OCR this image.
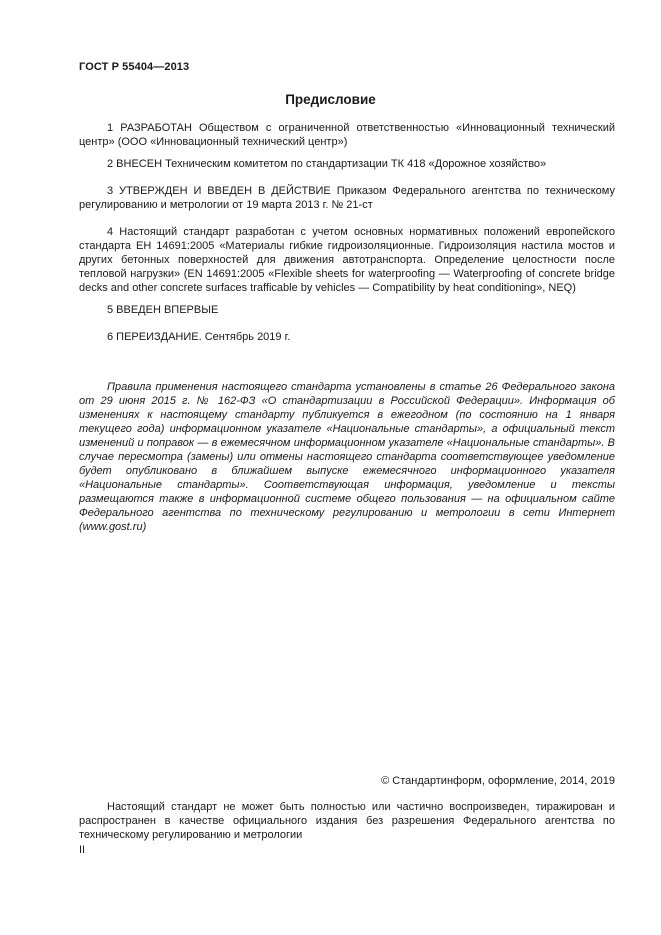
ГОСТ Р 55404—2013
Предисловие

1 РАЗРАБОТАН Обществом с ограниченной ответственностью «Инновационный технический центр» (ООО «Инновационный технический центр»)

2 ВНЕСЕН Техническим комитетом по стандартизации ТК 418 «Дорожное хозяйство»

3 УТВЕРЖДЕН И ВВЕДЕН В ДЕЙСТВИЕ Приказом Федерального агентства по техническому регулированию и метрологии от 19 марта 2013 г. № 21-ст

4 Настоящий стандарт разработан с учетом основных нормативных положений европейского стандарта ЕН 14691:2005 «Материалы гибкие гидроизоляционные. Гидроизоляция настила мостов и других бетонных поверхностей для движения автотранспорта. Определение целостности после тепловой нагрузки» (EN 14691:2005 «Flexible sheets for waterproofing — Waterproofing of concrete bridge decks and other concrete surfaces trafficable by vehicles — Compatibility by heat conditioning», NEQ)

5 ВВЕДЕН ВПЕРВЫЕ

6 ПЕРЕИЗДАНИЕ. Сентябрь 2019 г.

Правила применения настоящего стандарта установлены в статье 26 Федерального закона от 29 июня 2015 г. № 162-ФЗ «О стандартизации в Российской Федерации». Информация об изменениях к настоящему стандарту публикуется в ежегодном (по состоянию на 1 января текущего года) информационном указателе «Национальные стандарты», а официальный текст изменений и поправок — в ежемесячном информационном указателе «Национальные стандарты». В случае пересмотра (замены) или отмены настоящего стандарта соответствующее уведомление будет опубликовано в ближайшем выпуске ежемесячного информационного указателя «Национальные стандарты». Соответствующая информация, уведомление и тексты размещаются также в информационной системе общего пользования — на официальном сайте Федерального агентства по техническому регулированию и метрологии в сети Интернет (www.gost.ru)

© Стандартинформ, оформление, 2014, 2019

Настоящий стандарт не может быть полностью или частично воспроизведен, тиражирован и распространен в качестве официального издания без разрешения Федерального агентства по техническому регулированию и метрологии

II
